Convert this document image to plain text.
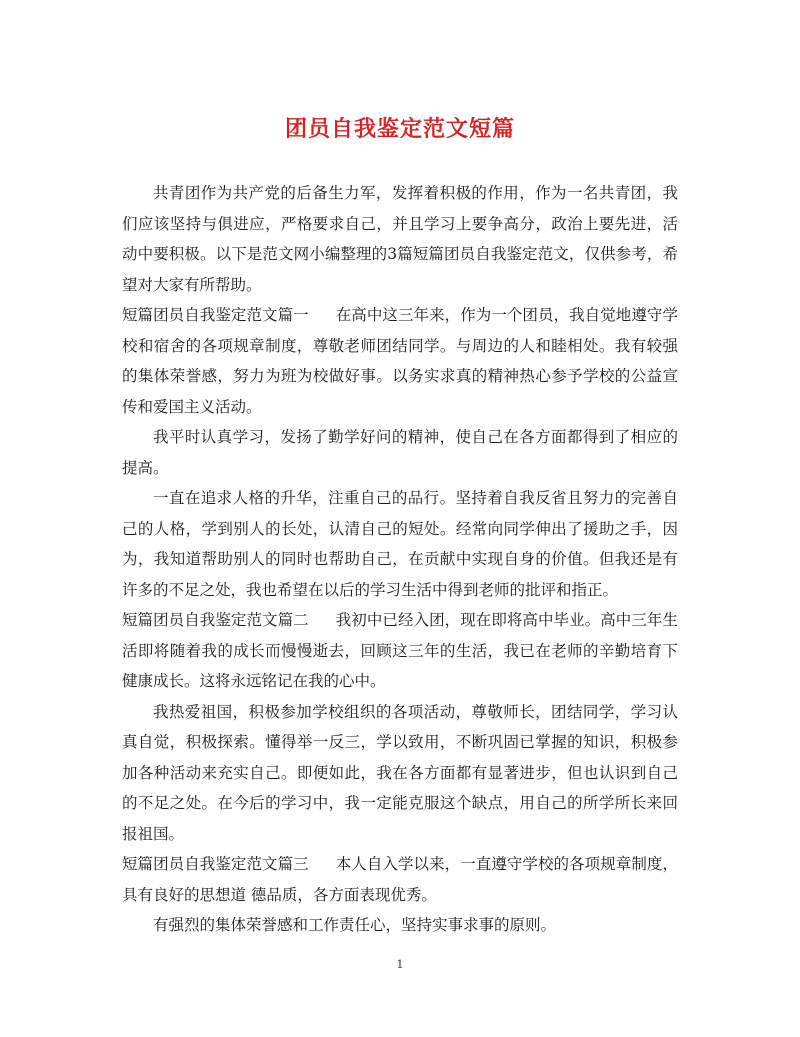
团员自我鉴定范文短篇

共青团作为共产党的后备生力军，发挥着积极的作用，作为一名共青团，我们应该坚持与俱进应，严格要求自己，并且学习上要争高分，政治上要先进，活动中要积极。以下是范文网小编整理的3篇短篇团员自我鉴定范文，仅供参考，希望对大家有所帮助。

短篇团员自我鉴定范文篇一 在高中这三年来，作为一个团员，我自觉地遵守学校和宿舍的各项规章制度，尊敬老师团结同学。与周边的人和睦相处。我有较强的集体荣誉感，努力为班为校做好事。以务实求真的精神热心参予学校的公益宣传和爱国主义活动。

我平时认真学习，发扬了勤学好问的精神，使自己在各方面都得到了相应的提高。

一直在追求人格的升华，注重自己的品行。坚持着自我反省且努力的完善自己的人格，学到别人的长处，认清自己的短处。经常向同学伸出了援助之手，因为，我知道帮助别人的同时也帮助自己，在贡献中实现自身的价值。但我还是有许多的不足之处，我也希望在以后的学习生活中得到老师的批评和指正。

短篇团员自我鉴定范文篇二 我初中已经入团，现在即将高中毕业。高中三年生活即将随着我的成长而慢慢逝去，回顾这三年的生活，我已在老师的辛勤培育下健康成长。这将永远铭记在我的心中。

我热爱祖国，积极参加学校组织的各项活动，尊敬师长，团结同学，学习认真自觉，积极探索。懂得举一反三，学以致用，不断巩固已掌握的知识，积极参加各种活动来充实自己。即便如此，我在各方面都有显著进步，但也认识到自己的不足之处。在今后的学习中，我一定能克服这个缺点，用自己的所学所长来回报祖国。

短篇团员自我鉴定范文篇三 本人自入学以来，一直遵守学校的各项规章制度，具有良好的思想道 德品质，各方面表现优秀。

有强烈的集体荣誉感和工作责任心，坚持实事求事的原则。

1
